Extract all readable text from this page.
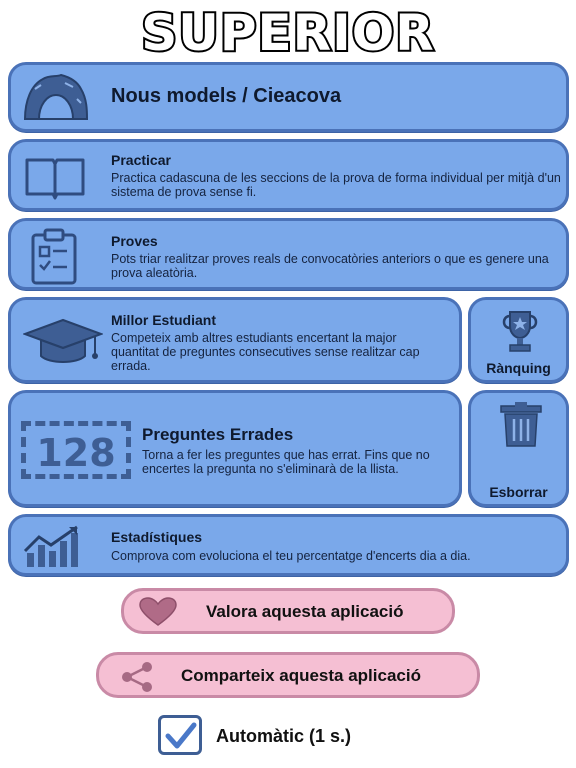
SUPERIOR
Nous models / Cieacova
Practicar
Practica cadascuna de les seccions de la prova de forma individual per mitjà d'un sistema de prova sense fi.
Proves
Pots triar realitzar proves reals de convocatòries anteriors o que es genere una prova aleatòria.
Millor Estudiant
Competeix amb altres estudiants encertant la major quantitat de preguntes consecutives sense realitzar cap errada.	Rànquing
128	Preguntes Errades
Torna a fer les preguntes que has errat. Fins que no encertes la pregunta no s'eliminarà de la llista.
Esborrar
Estadístiques
Comprova com evoluciona el teu percentatge d'encerts dia a dia.
Valora aquesta aplicació
Comparteix aquesta aplicació
Automàtic (1 s.)
